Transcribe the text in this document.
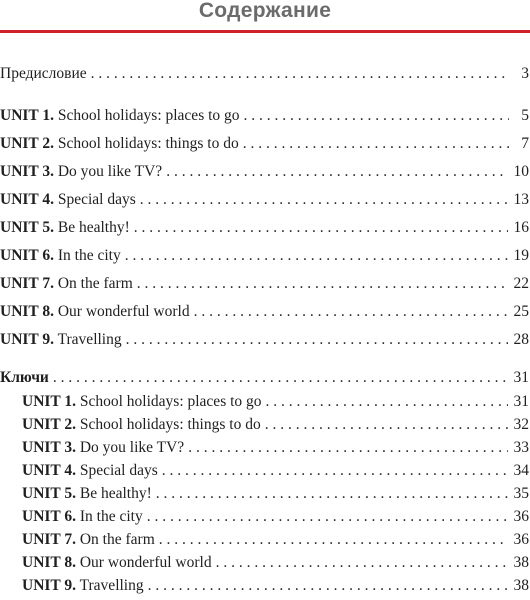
Содержание
Предисловие . . .	3
UNIT 1. School holidays: places to go . . .	5
UNIT 2. School holidays: things to do . . .	7
UNIT 3. Do you like TV? . . .	10
UNIT 4. Special days . . .	13
UNIT 5. Be healthy! . . .	16
UNIT 6. In the city . . .	19
UNIT 7. On the farm . . .	22
UNIT 8. Our wonderful world . . .	25
UNIT 9. Travelling . . .	28
Ключи . . .	31
UNIT 1. School holidays: places to go . . .	31
UNIT 2. School holidays: things to do . . .	32
UNIT 3. Do you like TV? . . .	33
UNIT 4. Special days . . .	34
UNIT 5. Be healthy! . . .	35
UNIT 6. In the city . . .	36
UNIT 7. On the farm . . .	36
UNIT 8. Our wonderful world . . .	38
UNIT 9. Travelling . . .	38
